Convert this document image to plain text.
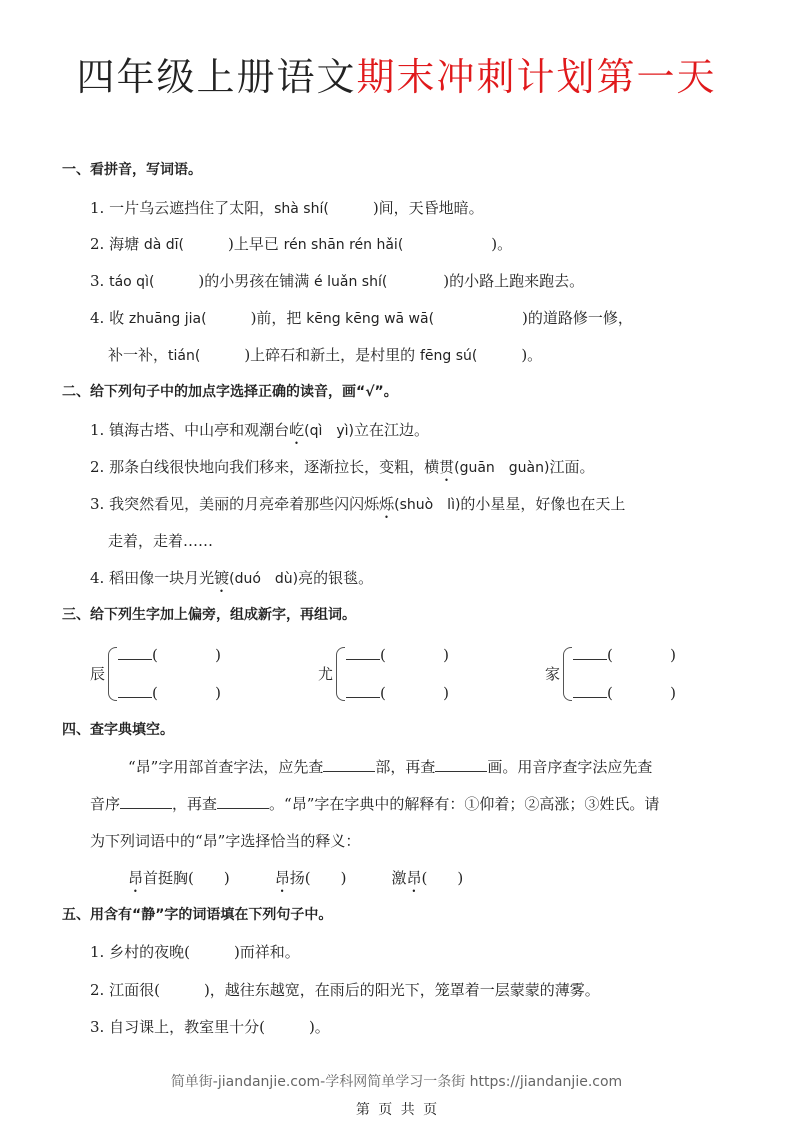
四年级上册语文期末冲刺计划第一天
一、看拼音，写词语。
1. 一片乌云遮挡住了太阳，shà shí(	)间，天昏地暗。
2. 海塘 dà dī(	)上早已 rén shān rén hǎi(	)。
3. táo qì(	)的小男孩在铺满 é luǎn shí(	)的小路上跑来跑去。
4. 收 zhuāng jia(	)前，把 kēng kēng wā wā(	)的道路修一修，
补一补，tián(	)上碎石和新土，是村里的 fēng sú(	)。
二、给下列句子中的加点字选择正确的读音，画“√”。
1. 镇海古塔、中山亭和观潮台屹(qì　yì)立在江边。
2. 那条白线很快地向我们移来，逐渐拉长，变粗，横贯(guān　guàn)江面。
3. 我突然看见，美丽的月亮牵着那些闪闪烁烁(shuò　lì)的小星星，好像也在天上
走着，走着……
4. 稻田像一块月光镀(duó　dù)亮的银毯。
三、给下列生字加上偏旁，组成新字，再组词。
辰
(            )
(            )
尤
(            )
(            )
家
(            )
(            )
四、查字典填空。
“昂”字用部首查字法，应先查	部，再查	画。用音序查字法应先查
音序	，再查	。“昂”字在字典中的解释有：①仰着；②高涨；③姓氏。请
为下列词语中的“昂”字选择恰当的释义：
昂首挺胸( )　　　昂扬( )　　　激昂( )
五、用含有“静”字的词语填在下列句子中。
1. 乡村的夜晚(	)而祥和。
2. 江面很(	)，越往东越宽，在雨后的阳光下，笼罩着一层蒙蒙的薄雾。
3. 自习课上，教室里十分(	)。
简单街-jiandanjie.com-学科网简单学习一条街 https://jiandanjie.com
第 页 共 页
